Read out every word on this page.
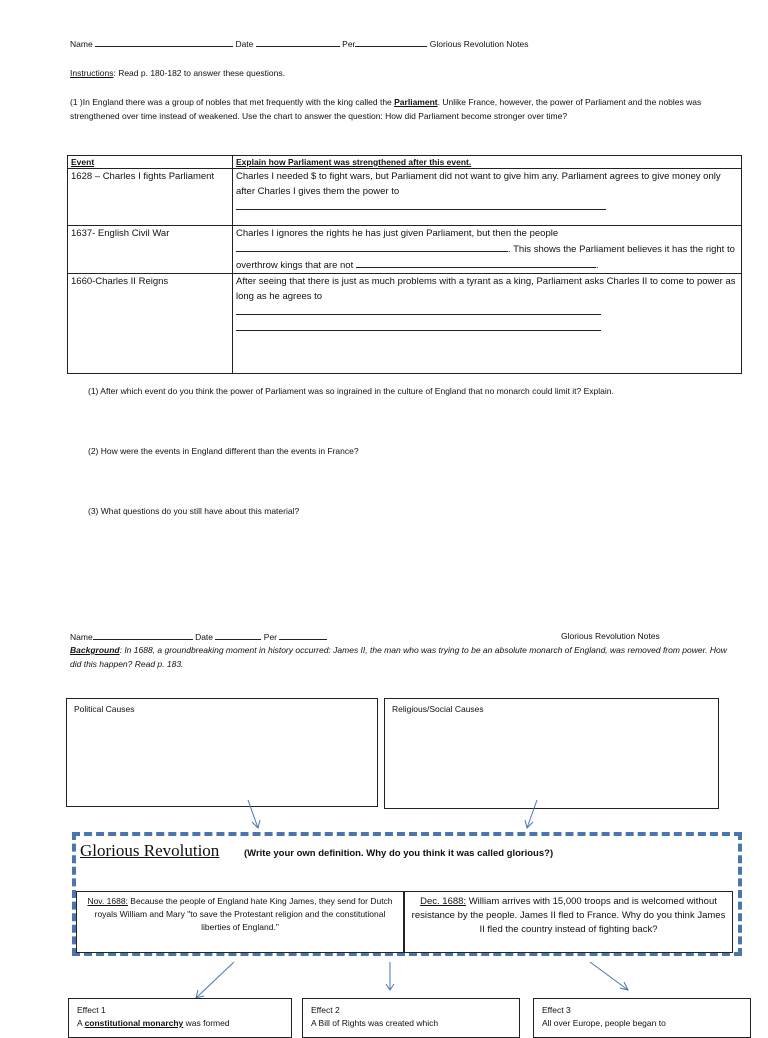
Name	Date	Per	Glorious Revolution Notes
Instructions: Read p. 180-182 to answer these questions.
(1 )In England there was a group of nobles that met frequently with the king called the Parliament. Unlike France, however, the power of Parliament and the nobles was strengthened over time instead of weakened. Use the chart to answer the question: How did Parliament become stronger over time?
Event	Explain how Parliament was strengthened after this event.
1628 – Charles I fights Parliament	Charles I needed $ to fight wars, but Parliament did not want to give him any. Parliament agrees to give money only after Charles I gives them the power to

1637- English Civil War	Charles I ignores the rights he has just given Parliament, but then the people
. This shows the Parliament believes it has the right to overthrow kings that are not .
1660-Charles II Reigns	After seeing that there is just as much problems with a tyrant as a king, Parliament asks Charles II to come to power as long as he agrees to

(1) After which event do you think the power of Parliament was so ingrained in the culture of England that no monarch could limit it? Explain.
(2) How were the events in England different than the events in France?
(3) What questions do you still have about this material?
Name	Date	Per	Glorious Revolution Notes
Background: In 1688, a groundbreaking moment in history occurred: James II, the man who was trying to be an absolute monarch of England, was removed from power. How did this happen? Read p. 183.
Political Causes	Religious/Social Causes
Glorious Revolution	(Write your own definition. Why do you think it was called glorious?)
Nov. 1688: Because the people of England hate King James, they send for Dutch royals William and Mary "to save the Protestant religion and the constitutional liberties of England."
Dec. 1688: William arrives with 15,000 troops and is welcomed without resistance by the people. James II fled to France. Why do you think James II fled the country instead of fighting back?
Effect 1
A constitutional monarchy was formed
Effect 2
A Bill of Rights was created which
Effect 3
All over Europe, people began to
